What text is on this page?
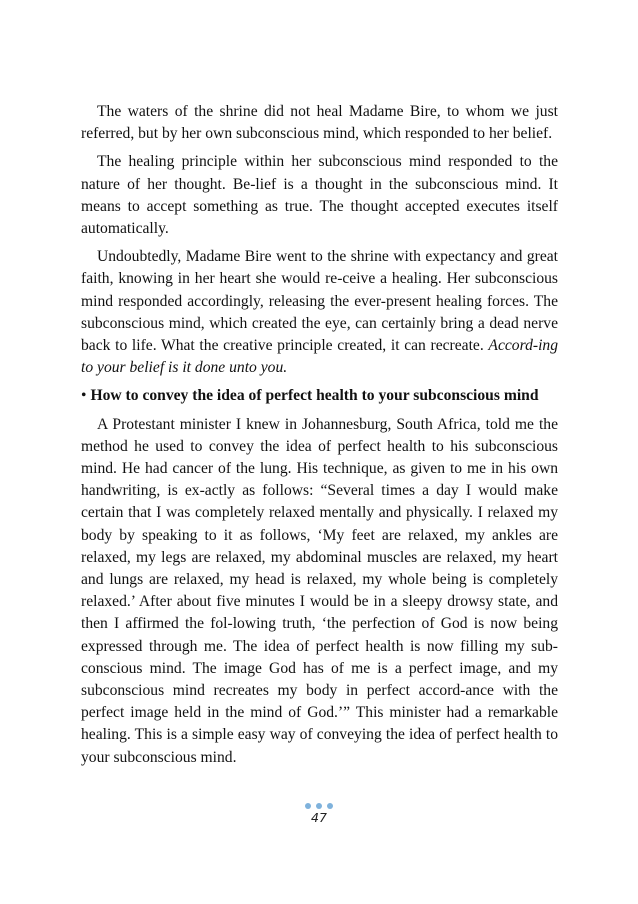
The waters of the shrine did not heal Madame Bire, to whom we just referred, but by her own subconscious mind, which responded to her belief.

The healing principle within her subconscious mind responded to the nature of her thought. Be-lief is a thought in the subconscious mind. It means to accept something as true. The thought accepted executes itself automatically.

Undoubtedly, Madame Bire went to the shrine with expectancy and great faith, knowing in her heart she would re-ceive a healing. Her subconscious mind responded accordingly, releasing the ever-present healing forces. The subconscious mind, which created the eye, can certainly bring a dead nerve back to life. What the creative principle created, it can recreate. Accord-ing to your belief is it done unto you.

• How to convey the idea of perfect health to your subconscious mind

A Protestant minister I knew in Johannesburg, South Africa, told me the method he used to convey the idea of perfect health to his subconscious mind. He had cancer of the lung. His technique, as given to me in his own handwriting, is ex-actly as follows: “Several times a day I would make certain that I was completely relaxed mentally and physically. I relaxed my body by speaking to it as follows, ‘My feet are relaxed, my ankles are relaxed, my legs are relaxed, my abdominal muscles are relaxed, my heart and lungs are relaxed, my head is relaxed, my whole being is completely relaxed.’ After about five minutes I would be in a sleepy drowsy state, and then I affirmed the fol-lowing truth, ‘the perfection of God is now being expressed through me. The idea of perfect health is now filling my sub-conscious mind. The image God has of me is a perfect image, and my subconscious mind recreates my body in perfect accord-ance with the perfect image held in the mind of God.’” This minister had a remarkable healing. This is a simple easy way of conveying the idea of perfect health to your subconscious mind.

47
